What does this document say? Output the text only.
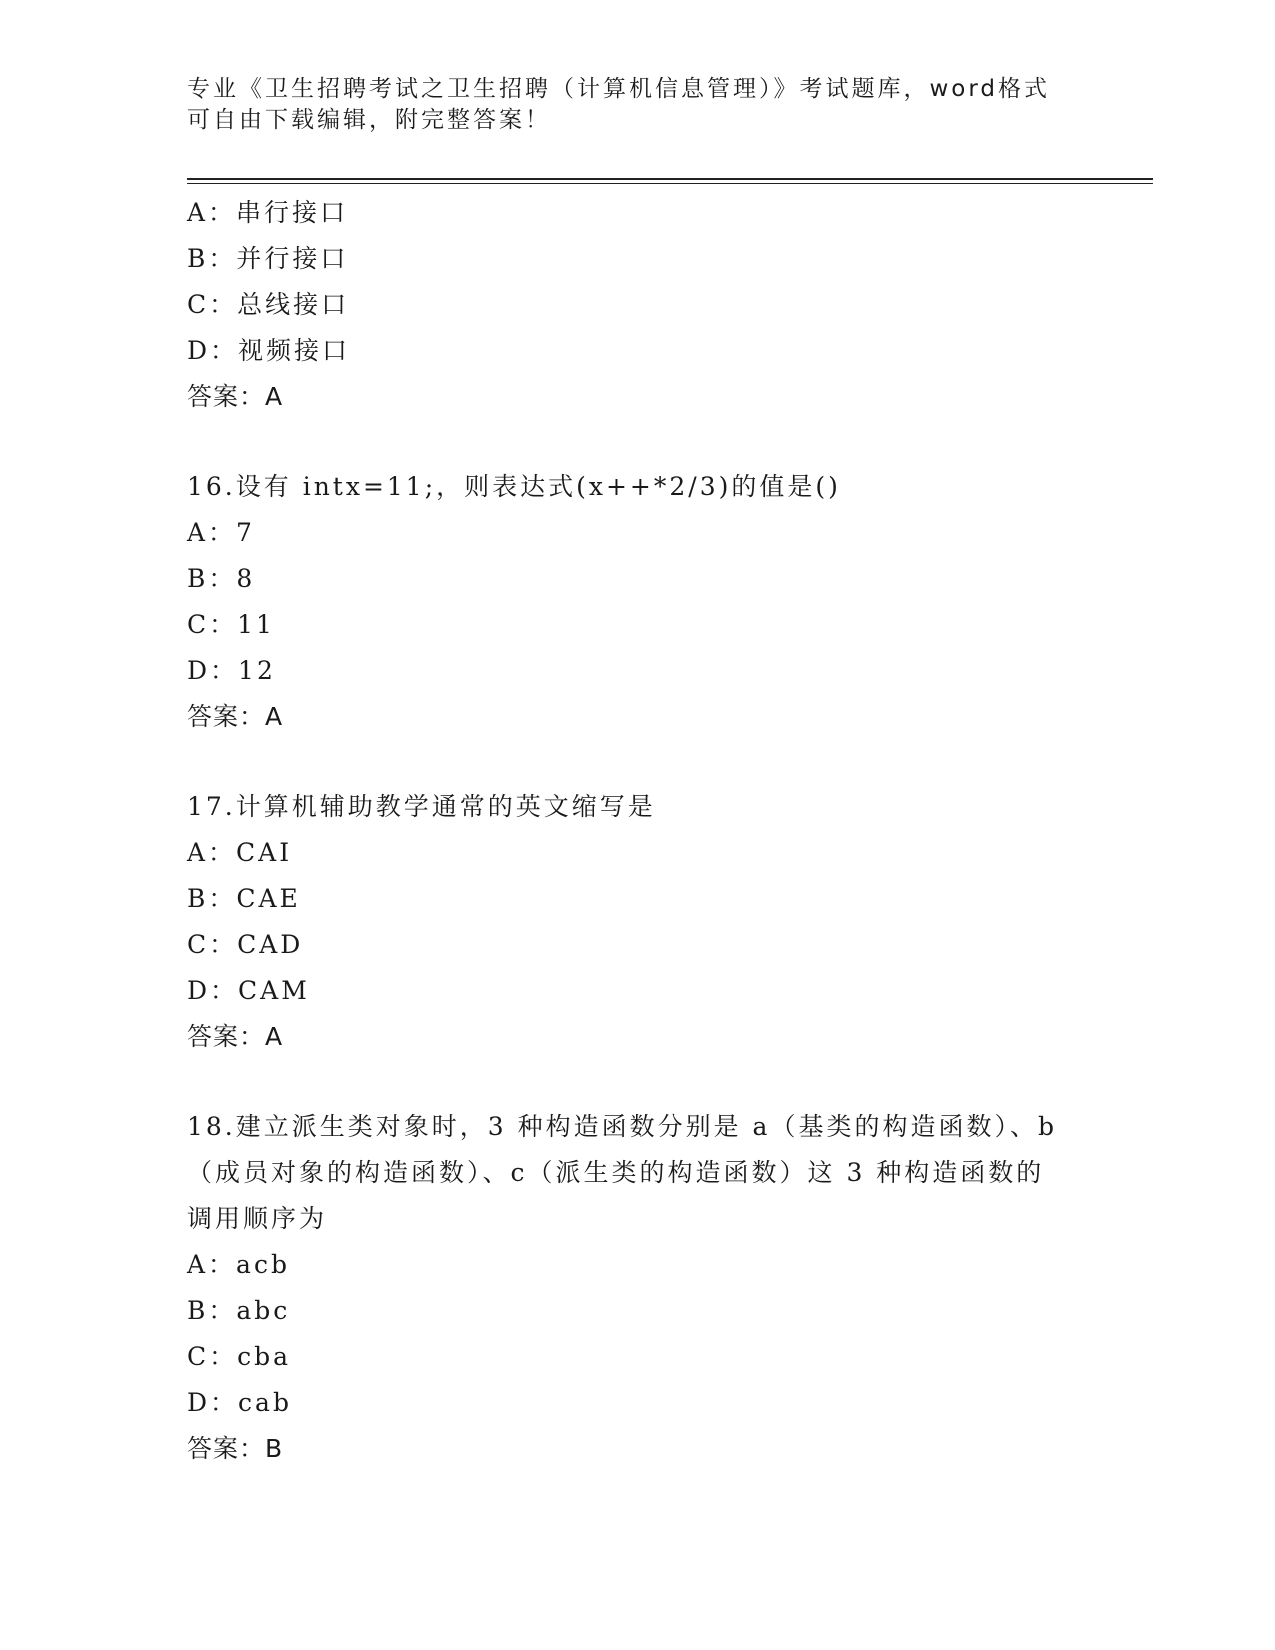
专业《卫生招聘考试之卫生招聘（计算机信息管理）》考试题库，word格式可自由下载编辑，附完整答案！
A：串行接口
B：并行接口
C：总线接口
D：视频接口
答案：A
16.设有 intx=11;，则表达式(x++*2/3)的值是()
A：7
B：8
C：11
D：12
答案：A
17.计算机辅助教学通常的英文缩写是
A：CAI
B：CAE
C：CAD
D：CAM
答案：A
18.建立派生类对象时，3 种构造函数分别是 a（基类的构造函数）、b（成员对象的构造函数）、c（派生类的构造函数）这 3 种构造函数的调用顺序为
A：acb
B：abc
C：cba
D：cab
答案：B
